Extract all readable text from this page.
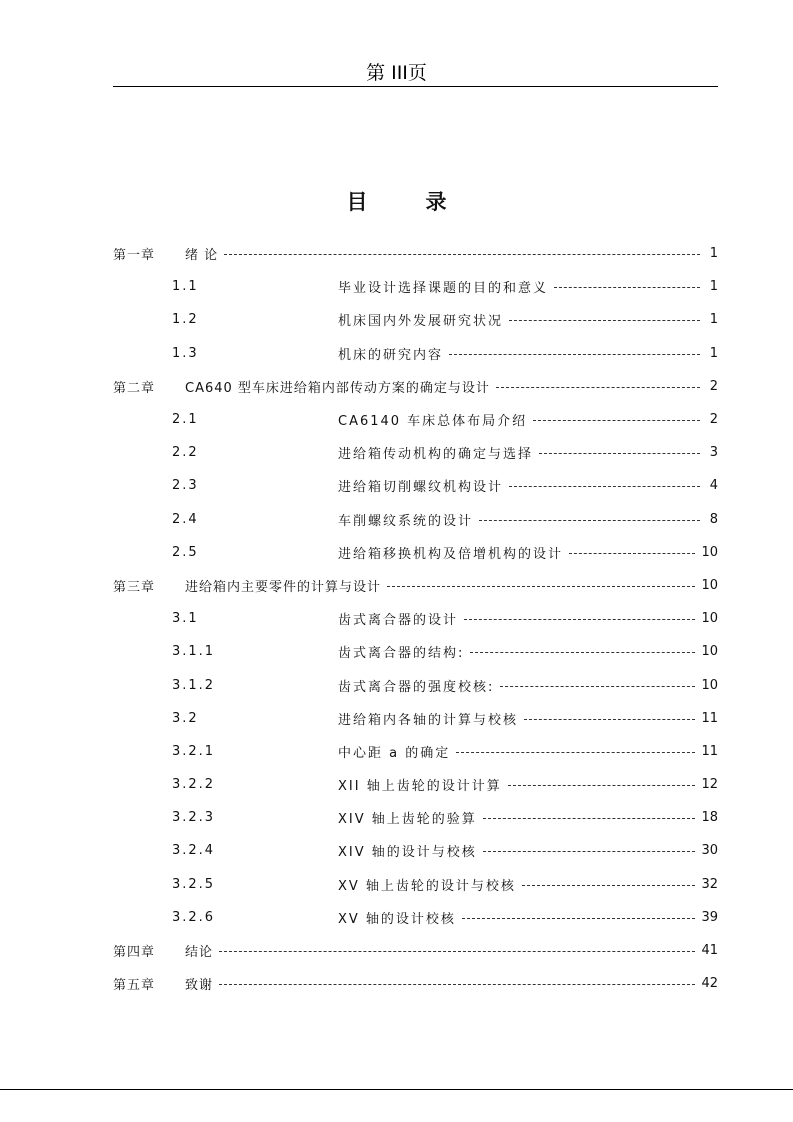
第 III页
目录
第一章	绪 论	1
1.1	毕业设计选择课题的目的和意义	1
1.2	机床国内外发展研究状况	1
1.3	机床的研究内容	1
第二章	CA640 型车床进给箱内部传动方案的确定与设计	2
2.1	CA6140 车床总体布局介绍	2
2.2	进给箱传动机构的确定与选择	3
2.3	进给箱切削螺纹机构设计	4
2.4	车削螺纹系统的设计	8
2.5	进给箱移换机构及倍增机构的设计	10
第三章	进给箱内主要零件的计算与设计	10
3.1	齿式离合器的设计	10
3.1.1	齿式离合器的结构:	10
3.1.2	齿式离合器的强度校核:	10
3.2	进给箱内各轴的计算与校核	11
3.2.1	中心距 a 的确定	11
3.2.2	XII 轴上齿轮的设计计算	12
3.2.3	XIV 轴上齿轮的验算	18
3.2.4	XIV 轴的设计与校核	30
3.2.5	XV 轴上齿轮的设计与校核	32
3.2.6	XV 轴的设计校核	39
第四章	结论	41
第五章	致谢	42
